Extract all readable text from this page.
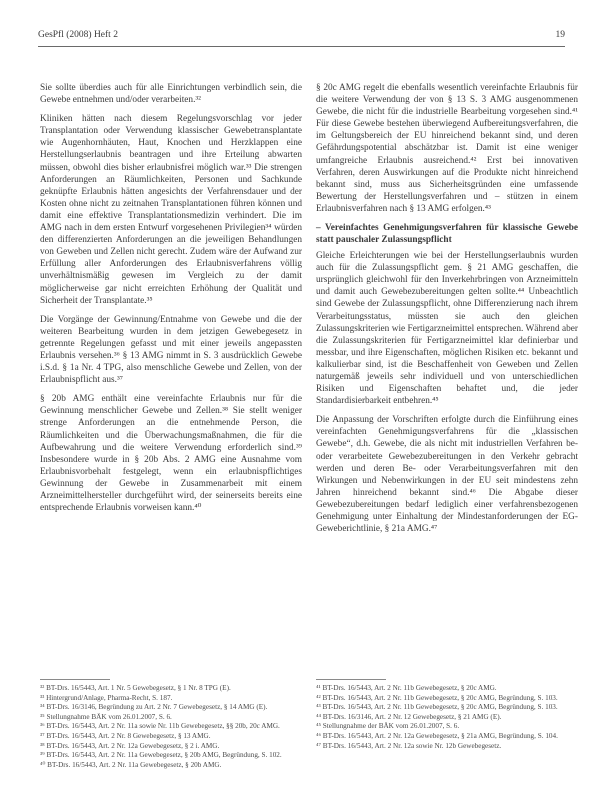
GesPfl (2008) Heft 2	19

Sie sollte überdies auch für alle Einrichtungen verbindlich sein, die Gewebe entnehmen und/oder verarbeiten.³²

Kliniken hätten nach diesem Regelungsvorschlag vor jeder Transplantation oder Verwendung klassischer Gewebetransplantate wie Augenhornhäuten, Haut, Knochen und Herzklappen eine Herstellungserlaubnis beantragen und ihre Erteilung abwarten müssen, obwohl dies bisher erlaubnisfrei möglich war.³³ Die strengen Anforderungen an Räumlichkeiten, Personen und Sachkunde geknüpfte Erlaubnis hätten angesichts der Verfahrensdauer und der Kosten ohne nicht zu zeitnahen Transplantationen führen können und damit eine effektive Transplantationsmedizin verhindert. Die im AMG nach in dem ersten Entwurf vorgesehenen Privilegien³⁴ würden den differenzierten Anforderungen an die jeweiligen Behandlungen von Geweben und Zellen nicht gerecht. Zudem wäre der Aufwand zur Erfüllung aller Anforderungen des Erlaubnisverfahrens völlig unverhältnismäßig gewesen im Vergleich zu der damit möglicherweise gar nicht erreichten Erhöhung der Qualität und Sicherheit der Transplantate.³⁵

Die Vorgänge der Gewinnung/Entnahme von Gewebe und die der weiteren Bearbeitung wurden in dem jetzigen Gewebegesetz in getrennte Regelungen gefasst und mit einer jeweils angepassten Erlaubnis versehen.³⁶ § 13 AMG nimmt in S. 3 ausdrücklich Gewebe i.S.d. § 1a Nr. 4 TPG, also menschliche Gewebe und Zellen, von der Erlaubnispflicht aus.³⁷

§ 20b AMG enthält eine vereinfachte Erlaubnis nur für die Gewinnung menschlicher Gewebe und Zellen.³⁸ Sie stellt weniger strenge Anforderungen an die entnehmende Person, die Räumlichkeiten und die Überwachungsmaßnahmen, die für die Aufbewahrung und die weitere Verwendung erforderlich sind.³⁹ Insbesondere wurde in § 20b Abs. 2 AMG eine Ausnahme vom Erlaubnisvorbehalt festgelegt, wenn ein erlaubnispflichtiges Gewinnung der Gewebe in Zusammenarbeit mit einem Arzneimittelhersteller durchgeführt wird, der seinerseits bereits eine entsprechende Erlaubnis vorweisen kann.⁴⁰

§ 20c AMG regelt die ebenfalls wesentlich vereinfachte Erlaubnis für die weitere Verwendung der von § 13 S. 3 AMG ausgenommenen Gewebe, die nicht für die industrielle Bearbeitung vorgesehen sind.⁴¹ Für diese Gewebe bestehen überwiegend Aufbereitungsverfahren, die im Geltungsbereich der EU hinreichend bekannt sind, und deren Gefährdungspotential abschätzbar ist. Damit ist eine weniger umfangreiche Erlaubnis ausreichend.⁴² Erst bei innovativen Verfahren, deren Auswirkungen auf die Produkte nicht hinreichend bekannt sind, muss aus Sicherheitsgründen eine umfassende Bewertung der Herstellungsverfahren und – stützen in einem Erlaubnisverfahren nach § 13 AMG erfolgen.⁴³

– Vereinfachtes Genehmigungsverfahren für klassische Gewebe statt pauschaler Zulassungspflicht

Gleiche Erleichterungen wie bei der Herstellungserlaubnis wurden auch für die Zulassungspflicht gem. § 21 AMG geschaffen, die ursprünglich gleichwohl für den Inverkehrbringen von Arzneimitteln und damit auch Gewebezubereitungen gelten sollte.⁴⁴ Unbeachtlich sind Gewebe der Zulassungspflicht, ohne Differenzierung nach ihrem Verarbeitungsstatus, müssten sie auch den gleichen Zulassungskriterien wie Fertigarzneimittel entsprechen. Während aber die Zulassungskriterien für Fertigarzneimittel klar definierbar und messbar, und ihre Eigenschaften, möglichen Risiken etc. bekannt und kalkulierbar sind, ist die Beschaffenheit von Geweben und Zellen naturgemäß jeweils sehr individuell und von unterschiedlichen Risiken und Eigenschaften behaftet und, die jeder Standardisierbarkeit entbehren.⁴⁵

Die Anpassung der Vorschriften erfolgte durch die Einführung eines vereinfachten Genehmigungsverfahrens für die „klassischen Gewebe“, d.h. Gewebe, die als nicht mit industriellen Verfahren be- oder verarbeitete Gewebezubereitungen in den Verkehr gebracht werden und deren Be- oder Verarbeitungsverfahren mit den Wirkungen und Nebenwirkungen in der EU seit mindestens zehn Jahren hinreichend bekannt sind.⁴⁶ Die Abgabe dieser Gewebezubereitungen bedarf lediglich einer verfahrensbezogenen Genehmigung unter Einhaltung der Mindestanforderungen der EG-Geweberichtlinie, § 21a AMG.⁴⁷

³² BT-Drs. 16/5443, Art. 1 Nr. 5 Gewebegesetz, § 1 Nr. 8 TPG (E).
³³ Hintergrund/Anlage, Pharma-Recht, S. 187.
³⁴ BT-Drs. 16/3146, Begründung zu Art. 2 Nr. 7 Gewebegesetz, § 14 AMG (E).
³⁵ Stellungnahme BÄK vom 26.01.2007, S. 6.
³⁶ BT-Drs. 16/5443, Art. 2 Nr. 11a sowie Nr. 11b Gewebegesetz, §§ 20b, 20c AMG.
³⁷ BT-Drs. 16/5443, Art. 2 Nr. 8 Gewebegesetz, § 13 AMG.
³⁸ BT-Drs. 16/5443, Art. 2 Nr. 12a Gewebegesetz, § 2 i. AMG.
³⁹ BT-Drs. 16/5443, Art. 2 Nr. 11a Gewebegesetz, § 20b AMG, Begründung, S. 102.
⁴⁰ BT-Drs. 16/5443, Art. 2 Nr. 11a Gewebegesetz, § 20b AMG.
⁴¹ BT-Drs. 16/5443, Art. 2 Nr. 11b Gewebegesetz, § 20c AMG.
⁴² BT-Drs. 16/5443, Art. 2 Nr. 11b Gewebegesetz, § 20c AMG, Begründung, S. 103.
⁴³ BT-Drs. 16/5443, Art. 2 Nr. 11b Gewebegesetz, § 20c AMG, Begründung, S. 103.
⁴⁴ BT-Drs. 16/3146, Art. 2 Nr. 12 Gewebegesetz, § 21 AMG (E).
⁴⁵ Stellungnahme der BÄK vom 26.01.2007, S. 6.
⁴⁶ BT-Drs. 16/5443, Art. 2 Nr. 12a Gewebegesetz, § 21a AMG, Begründung, S. 104.
⁴⁷ BT-Drs. 16/5443, Art. 2 Nr. 12a sowie Nr. 12b Gewebegesetz.
